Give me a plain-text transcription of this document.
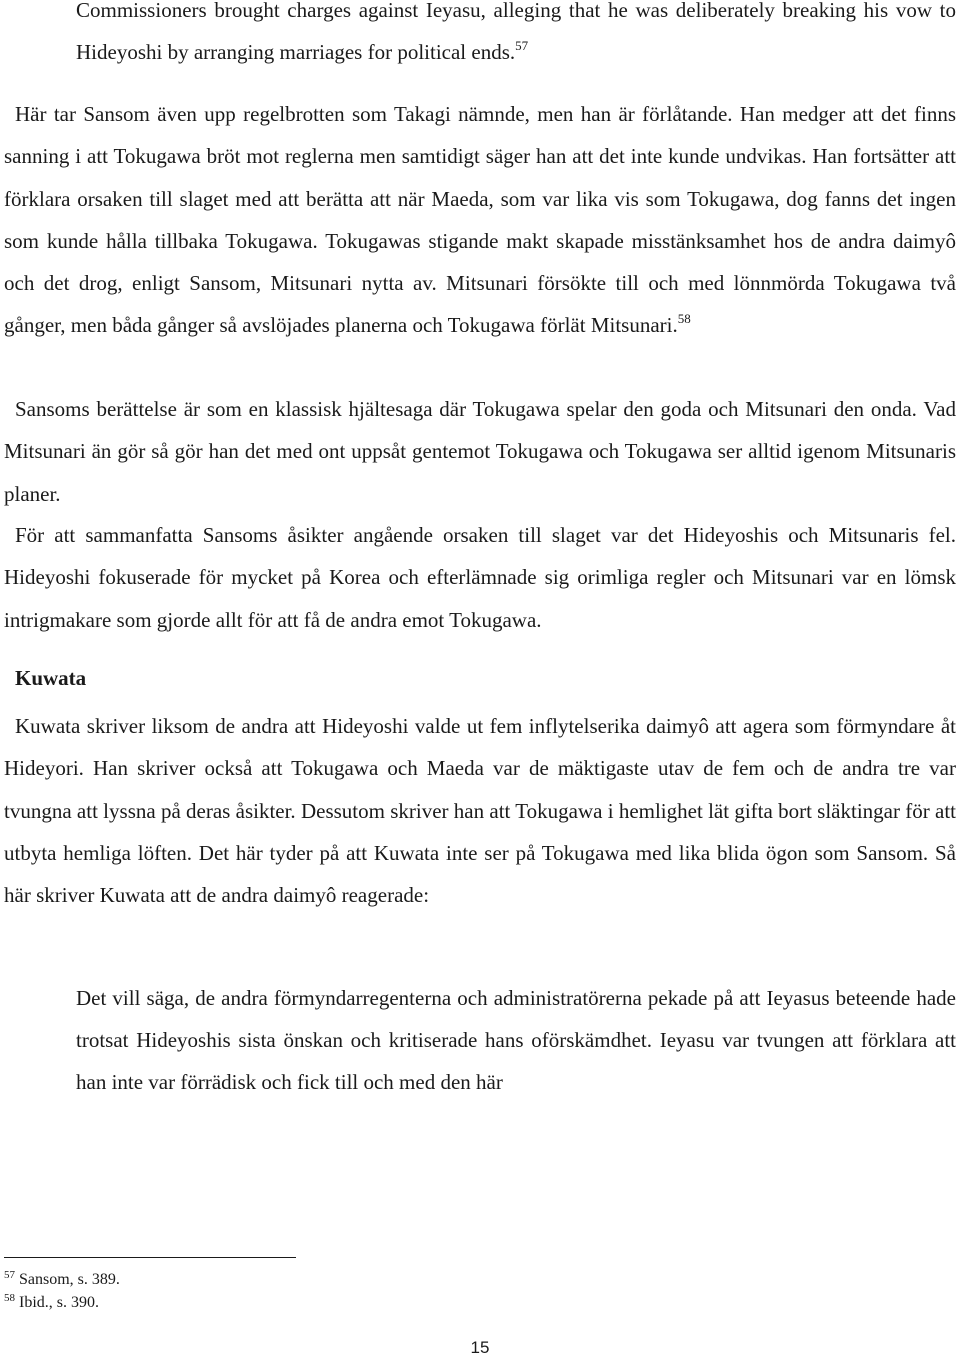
Commissioners brought charges against Ieyasu, alleging that he was deliberately breaking his vow to Hideyoshi by arranging marriages for political ends.$^{57}$

Här tar Sansom även upp regelbrotten som Takagi nämnde, men han är förlåtande. Han medger att det finns sanning i att Tokugawa bröt mot reglerna men samtidigt säger han att det inte kunde undvikas. Han fortsätter att förklara orsaken till slaget med att berätta att när Maeda, som var lika vis som Tokugawa, dog fanns det ingen som kunde hålla tillbaka Tokugawa. Tokugawas stigande makt skapade misstänksamhet hos de andra daimyô och det drog, enligt Sansom, Mitsunari nytta av. Mitsunari försökte till och med lönnmörda Tokugawa två gånger, men båda gånger så avslöjades planerna och Tokugawa förlät Mitsunari.$^{58}$

Sansoms berättelse är som en klassisk hjältesaga där Tokugawa spelar den goda och Mitsunari den onda. Vad Mitsunari än gör så gör han det med ont uppsåt gentemot Tokugawa och Tokugawa ser alltid igenom Mitsunaris planer.

För att sammanfatta Sansoms åsikter angående orsaken till slaget var det Hideyoshis och Mitsunaris fel. Hideyoshi fokuserade för mycket på Korea och efterlämnade sig orimliga regler och Mitsunari var en lömsk intrigmakare som gjorde allt för att få de andra emot Tokugawa.

Kuwata skriver liksom de andra att Hideyoshi valde ut fem inflytelserika daimyô att agera som förmyndare åt Hideyori. Han skriver också att Tokugawa och Maeda var de mäktigaste utav de fem och de andra tre var tvungna att lyssna på deras åsikter. Dessutom skriver han att Tokugawa i hemlighet lät gifta bort släktingar för att utbyta hemliga löften. Det här tyder på att Kuwata inte ser på Tokugawa med lika blida ögon som Sansom. Så här skriver Kuwata att de andra daimyô reagerade:

Kuwata

Det vill säga, de andra förmyndarregenterna och administratörerna pekade på att Ieyasus beteende hade trotsat Hideyoshis sista önskan och kritiserade hans oförskämdhet. Ieyasu var tvungen att förklara att han inte var förrädisk och fick till och med den här

$^{57}$ Sansom, s. 389.
$^{58}$ Ibid., s. 390.
15
